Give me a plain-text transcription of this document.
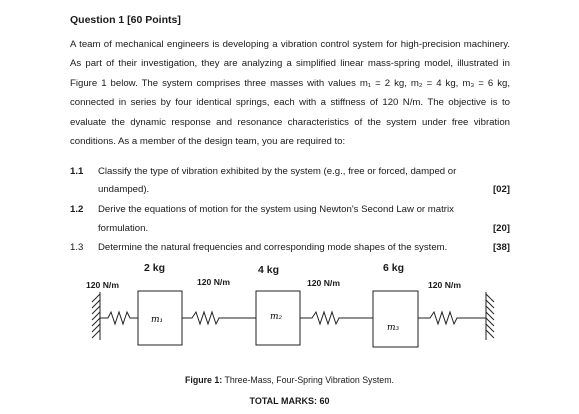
Question 1 [60 Points]
A team of mechanical engineers is developing a vibration control system for high-precision machinery. As part of their investigation, they are analyzing a simplified linear mass-spring model, illustrated in Figure 1 below. The system comprises three masses with values m₁ = 2 kg, m₂ = 4 kg, m₃ = 6 kg, connected in series by four identical springs, each with a stiffness of 120 N/m. The objective is to evaluate the dynamic response and resonance characteristics of the system under free vibration conditions. As a member of the design team, you are required to:
1.1 Classify the type of vibration exhibited by the system (e.g., free or forced, damped or
undamped).	[02]
1.2 Derive the equations of motion for the system using Newton's Second Law or matrix
formulation.	[20]
1.3 Determine the natural frequencies and corresponding mode shapes of the system.	[38]
2 kg	4 kg	6 kg
120 N/m	120 N/m	120 N/m	120 N/m
m₁	m₂
m₃
Figure 1: Three-Mass, Four-Spring Vibration System.
TOTAL MARKS: 60
